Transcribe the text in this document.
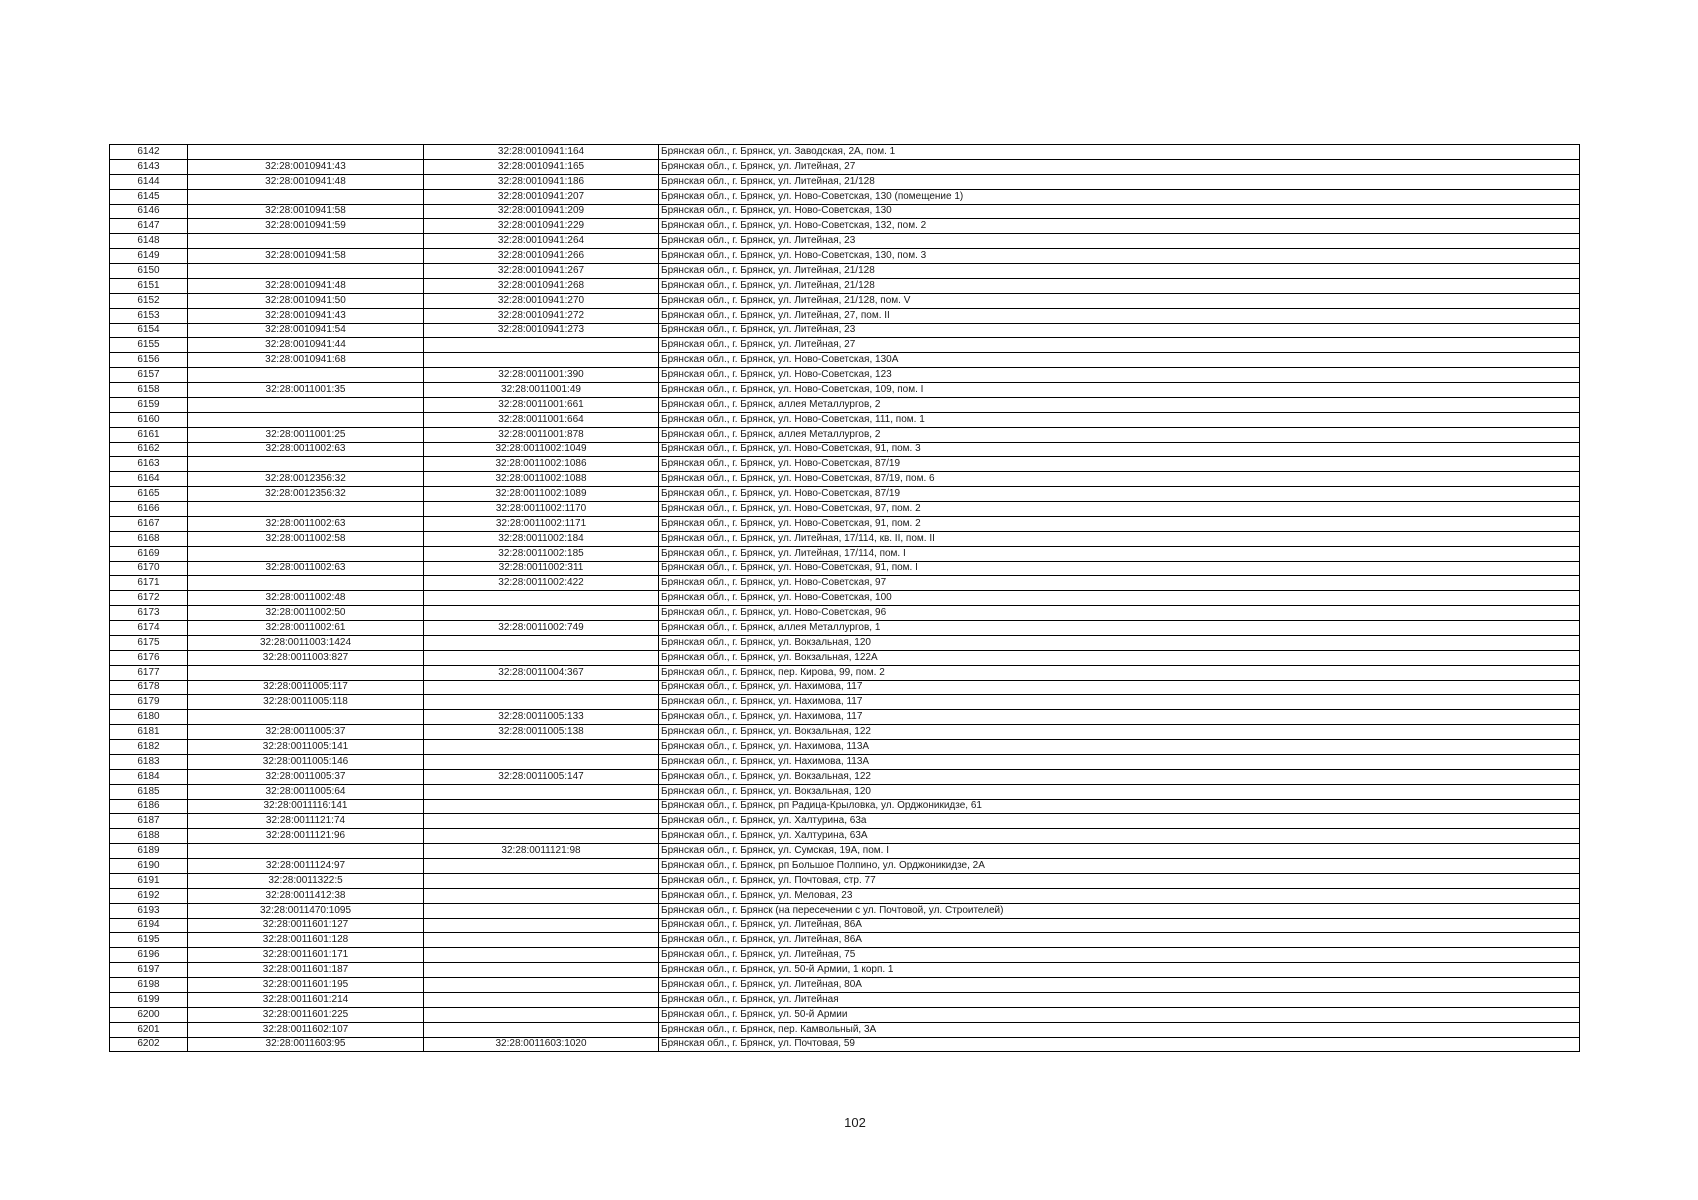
6142		32:28:0010941:164	Брянская обл., г. Брянск, ул. Заводская, 2А, пом. 1
6143	32:28:0010941:43	32:28:0010941:165	Брянская обл., г. Брянск, ул. Литейная, 27
6144	32:28:0010941:48	32:28:0010941:186	Брянская обл., г. Брянск, ул. Литейная, 21/128
6145		32:28:0010941:207	Брянская обл., г. Брянск, ул. Ново-Советская, 130 (помещение 1)
6146	32:28:0010941:58	32:28:0010941:209	Брянская обл., г. Брянск, ул. Ново-Советская, 130
6147	32:28:0010941:59	32:28:0010941:229	Брянская обл., г. Брянск, ул. Ново-Советская, 132, пом. 2
6148		32:28:0010941:264	Брянская обл., г. Брянск, ул. Литейная, 23
6149	32:28:0010941:58	32:28:0010941:266	Брянская обл., г. Брянск, ул. Ново-Советская, 130, пом. 3
6150		32:28:0010941:267	Брянская обл., г. Брянск, ул. Литейная, 21/128
6151	32:28:0010941:48	32:28:0010941:268	Брянская обл., г. Брянск, ул. Литейная, 21/128
6152	32:28:0010941:50	32:28:0010941:270	Брянская обл., г. Брянск, ул. Литейная, 21/128, пом. V
6153	32:28:0010941:43	32:28:0010941:272	Брянская обл., г. Брянск, ул. Литейная, 27, пом. II
6154	32:28:0010941:54	32:28:0010941:273	Брянская обл., г. Брянск, ул. Литейная, 23
6155	32:28:0010941:44		Брянская обл., г. Брянск, ул. Литейная, 27
6156	32:28:0010941:68		Брянская обл., г. Брянск, ул. Ново-Советская, 130А
6157		32:28:0011001:390	Брянская обл., г. Брянск, ул. Ново-Советская, 123
6158	32:28:0011001:35	32:28:0011001:49	Брянская обл., г. Брянск, ул. Ново-Советская, 109, пом. I
6159		32:28:0011001:661	Брянская обл., г. Брянск, аллея Металлургов, 2
6160		32:28:0011001:664	Брянская обл., г. Брянск, ул. Ново-Советская, 111, пом. 1
6161	32:28:0011001:25	32:28:0011001:878	Брянская обл., г. Брянск, аллея Металлургов, 2
6162	32:28:0011002:63	32:28:0011002:1049	Брянская обл., г. Брянск, ул. Ново-Советская, 91, пом. 3
6163		32:28:0011002:1086	Брянская обл., г. Брянск, ул. Ново-Советская, 87/19
6164	32:28:0012356:32	32:28:0011002:1088	Брянская обл., г. Брянск, ул. Ново-Советская, 87/19, пом. 6
6165	32:28:0012356:32	32:28:0011002:1089	Брянская обл., г. Брянск, ул. Ново-Советская, 87/19
6166		32:28:0011002:1170	Брянская обл., г. Брянск, ул. Ново-Советская, 97, пом. 2
6167	32:28:0011002:63	32:28:0011002:1171	Брянская обл., г. Брянск, ул. Ново-Советская, 91, пом. 2
6168	32:28:0011002:58	32:28:0011002:184	Брянская обл., г. Брянск, ул. Литейная, 17/114, кв. II, пом. II
6169		32:28:0011002:185	Брянская обл., г. Брянск, ул. Литейная, 17/114, пом. I
6170	32:28:0011002:63	32:28:0011002:311	Брянская обл., г. Брянск, ул. Ново-Советская, 91, пом. I
6171		32:28:0011002:422	Брянская обл., г. Брянск, ул. Ново-Советская, 97
6172	32:28:0011002:48		Брянская обл., г. Брянск, ул. Ново-Советская, 100
6173	32:28:0011002:50		Брянская обл., г. Брянск, ул. Ново-Советская, 96
6174	32:28:0011002:61	32:28:0011002:749	Брянская обл., г. Брянск, аллея Металлургов, 1
6175	32:28:0011003:1424		Брянская обл., г. Брянск, ул. Вокзальная, 120
6176	32:28:0011003:827		Брянская обл., г. Брянск, ул. Вокзальная, 122А
6177		32:28:0011004:367	Брянская обл., г. Брянск, пер. Кирова, 99, пом. 2
6178	32:28:0011005:117		Брянская обл., г. Брянск, ул. Нахимова, 117
6179	32:28:0011005:118		Брянская обл., г. Брянск, ул. Нахимова, 117
6180		32:28:0011005:133	Брянская обл., г. Брянск, ул. Нахимова, 117
6181	32:28:0011005:37	32:28:0011005:138	Брянская обл., г. Брянск, ул. Вокзальная, 122
6182	32:28:0011005:141		Брянская обл., г. Брянск, ул. Нахимова, 113А
6183	32:28:0011005:146		Брянская обл., г. Брянск, ул. Нахимова, 113А
6184	32:28:0011005:37	32:28:0011005:147	Брянская обл., г. Брянск, ул. Вокзальная, 122
6185	32:28:0011005:64		Брянская обл., г. Брянск, ул. Вокзальная, 120
6186	32:28:0011116:141		Брянская обл., г. Брянск, рп Радица-Крыловка, ул. Орджоникидзе, 61
6187	32:28:0011121:74		Брянская обл., г. Брянск, ул. Халтурина, 63а
6188	32:28:0011121:96		Брянская обл., г. Брянск, ул. Халтурина, 63А
6189		32:28:0011121:98	Брянская обл., г. Брянск, ул. Сумская, 19А, пом. I
6190	32:28:0011124:97		Брянская обл., г. Брянск, рп Большое Полпино, ул. Орджоникидзе, 2А
6191	32:28:0011322:5		Брянская обл., г. Брянск, ул. Почтовая, стр. 77
6192	32:28:0011412:38		Брянская обл., г. Брянск, ул. Меловая, 23
6193	32:28:0011470:1095		Брянская обл., г. Брянск (на пересечении с ул. Почтовой, ул. Строителей)
6194	32:28:0011601:127		Брянская обл., г. Брянск, ул. Литейная, 86А
6195	32:28:0011601:128		Брянская обл., г. Брянск, ул. Литейная, 86А
6196	32:28:0011601:171		Брянская обл., г. Брянск, ул. Литейная, 75
6197	32:28:0011601:187		Брянская обл., г. Брянск, ул. 50-й Армии, 1 корп. 1
6198	32:28:0011601:195		Брянская обл., г. Брянск, ул. Литейная, 80А
6199	32:28:0011601:214		Брянская обл., г. Брянск, ул. Литейная
6200	32:28:0011601:225		Брянская обл., г. Брянск, ул. 50-й Армии
6201	32:28:0011602:107		Брянская обл., г. Брянск, пер. Камвольный, 3А
6202	32:28:0011603:95	32:28:0011603:1020	Брянская обл., г. Брянск, ул. Почтовая, 59
102
